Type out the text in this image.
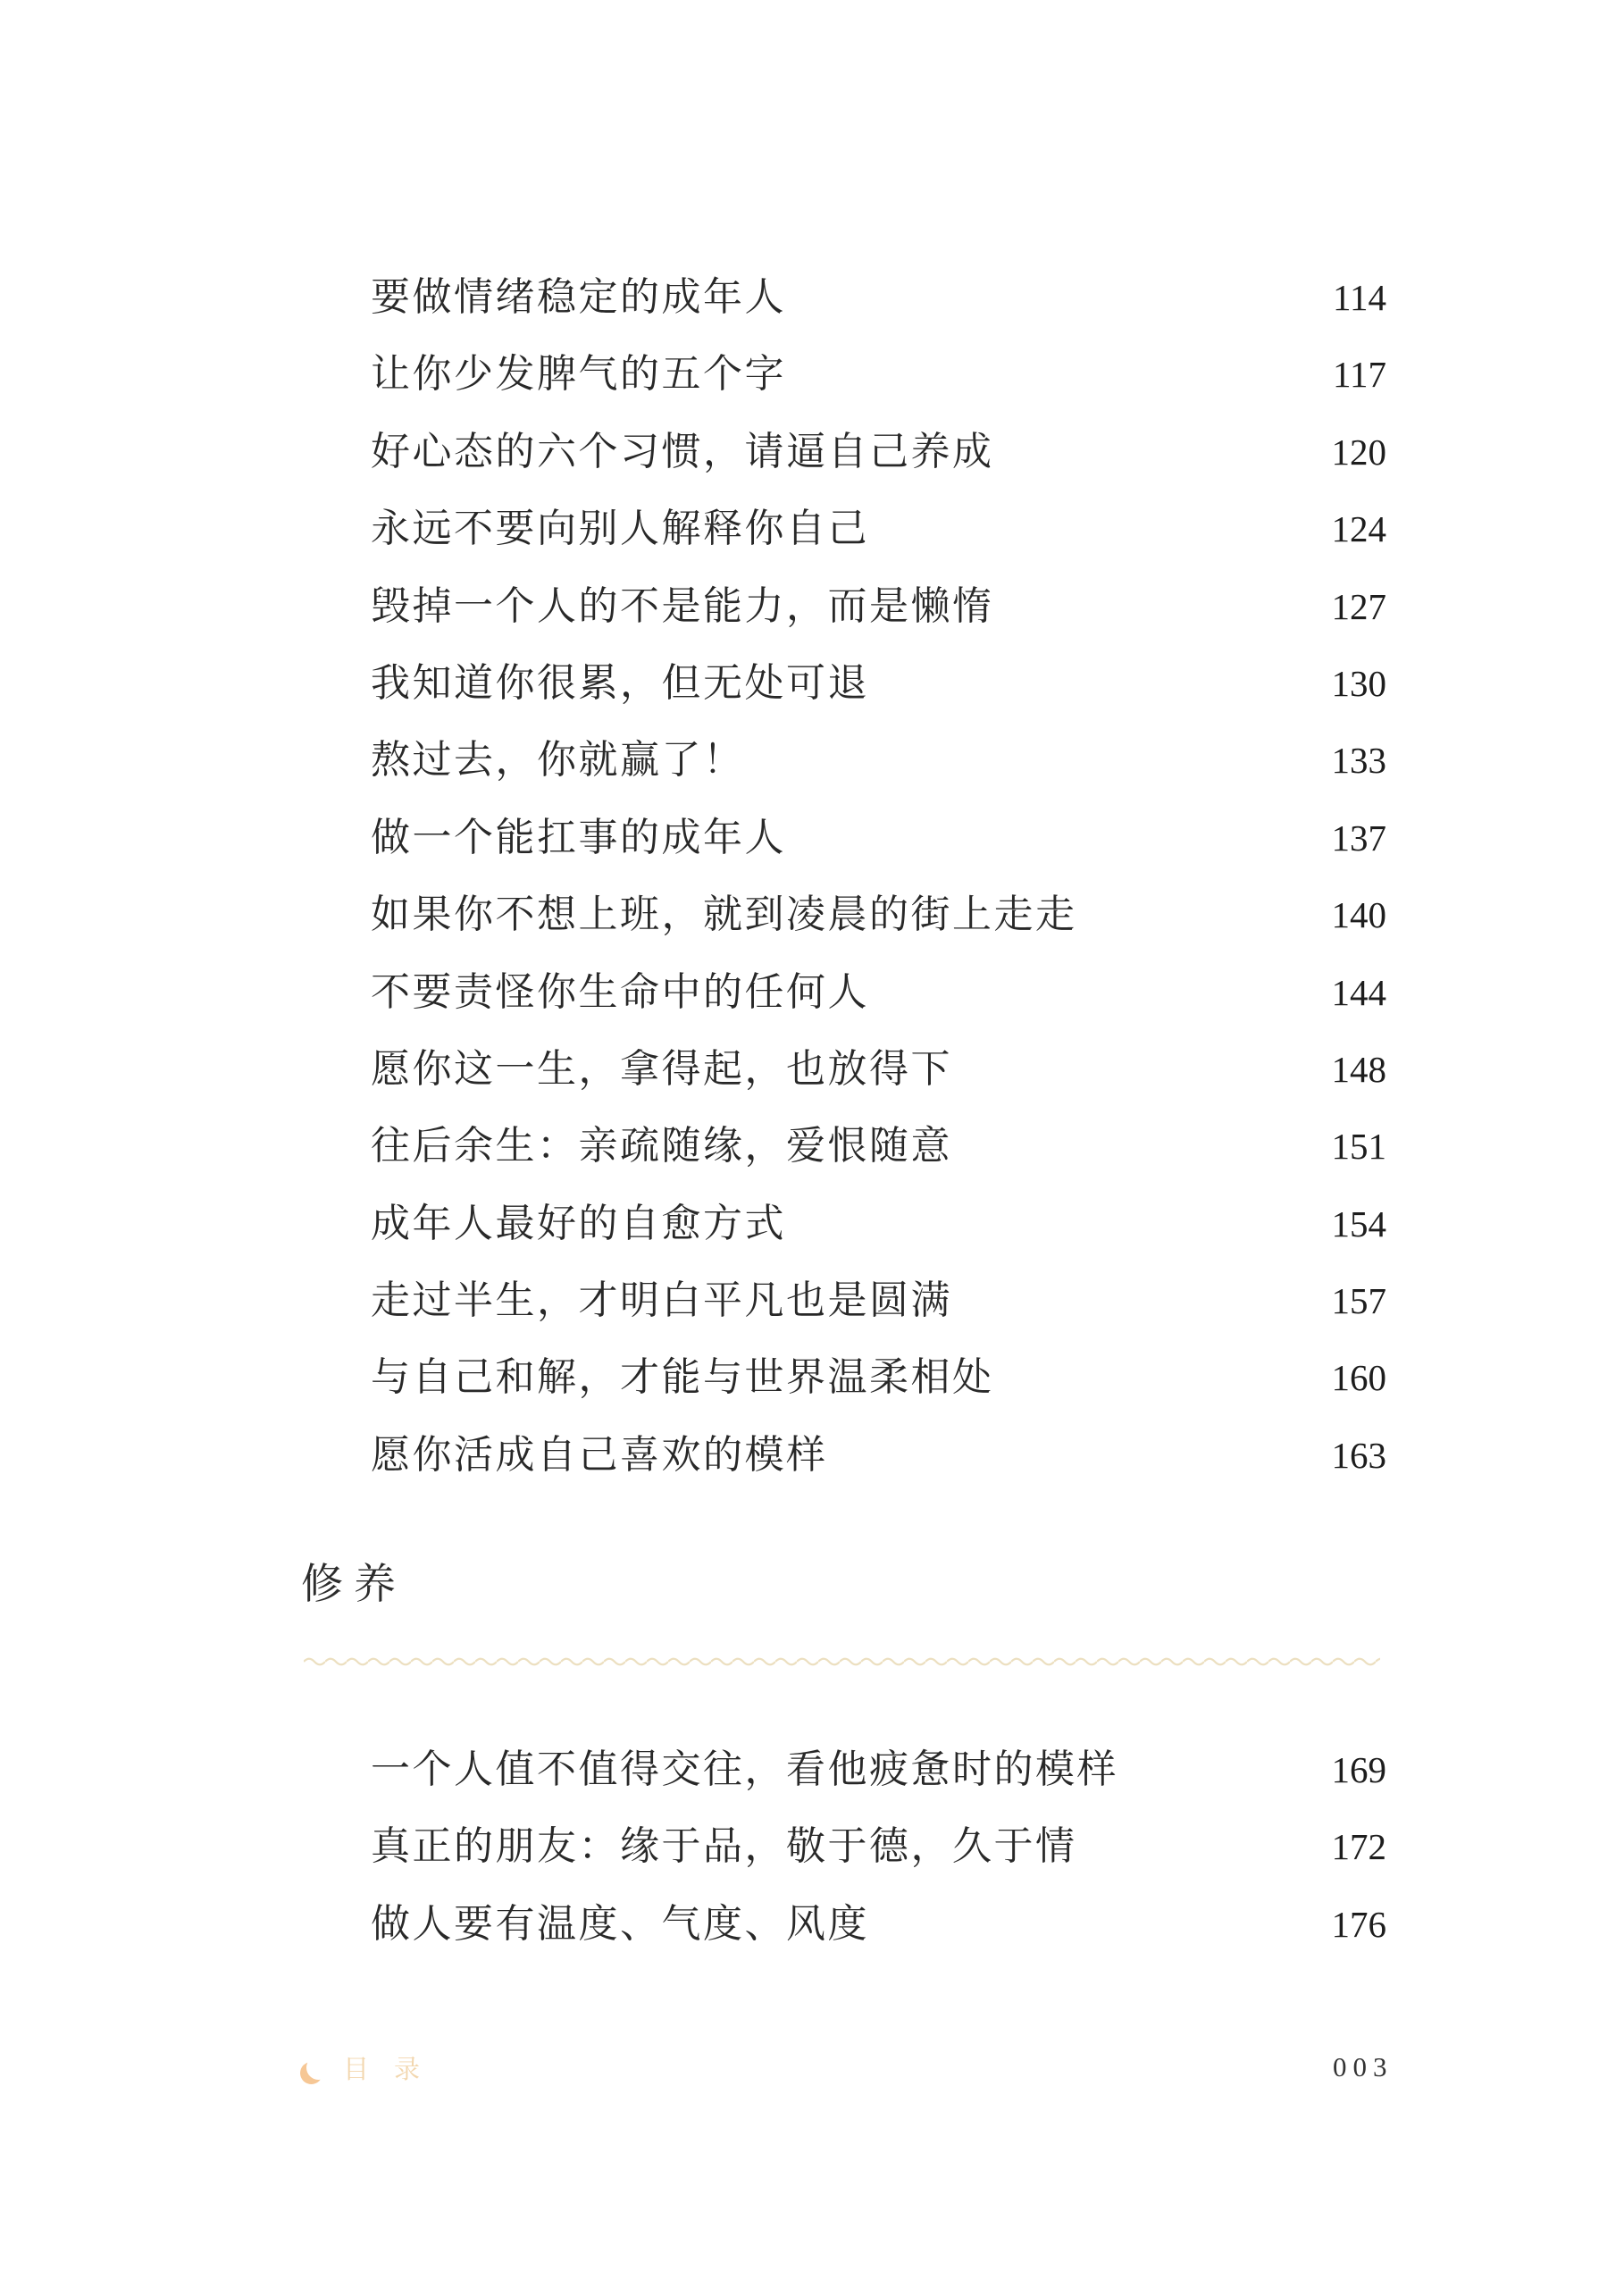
要做情绪稳定的成年人	114
让你少发脾气的五个字	117
好心态的六个习惯，请逼自己养成	120
永远不要向别人解释你自己	124
毁掉一个人的不是能力，而是懒惰	127
我知道你很累，但无处可退	130
熬过去，你就赢了！	133
做一个能扛事的成年人	137
如果你不想上班，就到凌晨的街上走走	140
不要责怪你生命中的任何人	144
愿你这一生，拿得起，也放得下	148
往后余生：亲疏随缘，爱恨随意	151
成年人最好的自愈方式	154
走过半生，才明白平凡也是圆满	157
与自己和解，才能与世界温柔相处	160
愿你活成自己喜欢的模样	163
修养
一个人值不值得交往，看他疲惫时的模样	169
真正的朋友：缘于品，敬于德，久于情	172
做人要有温度、气度、风度	176
目 录	003
